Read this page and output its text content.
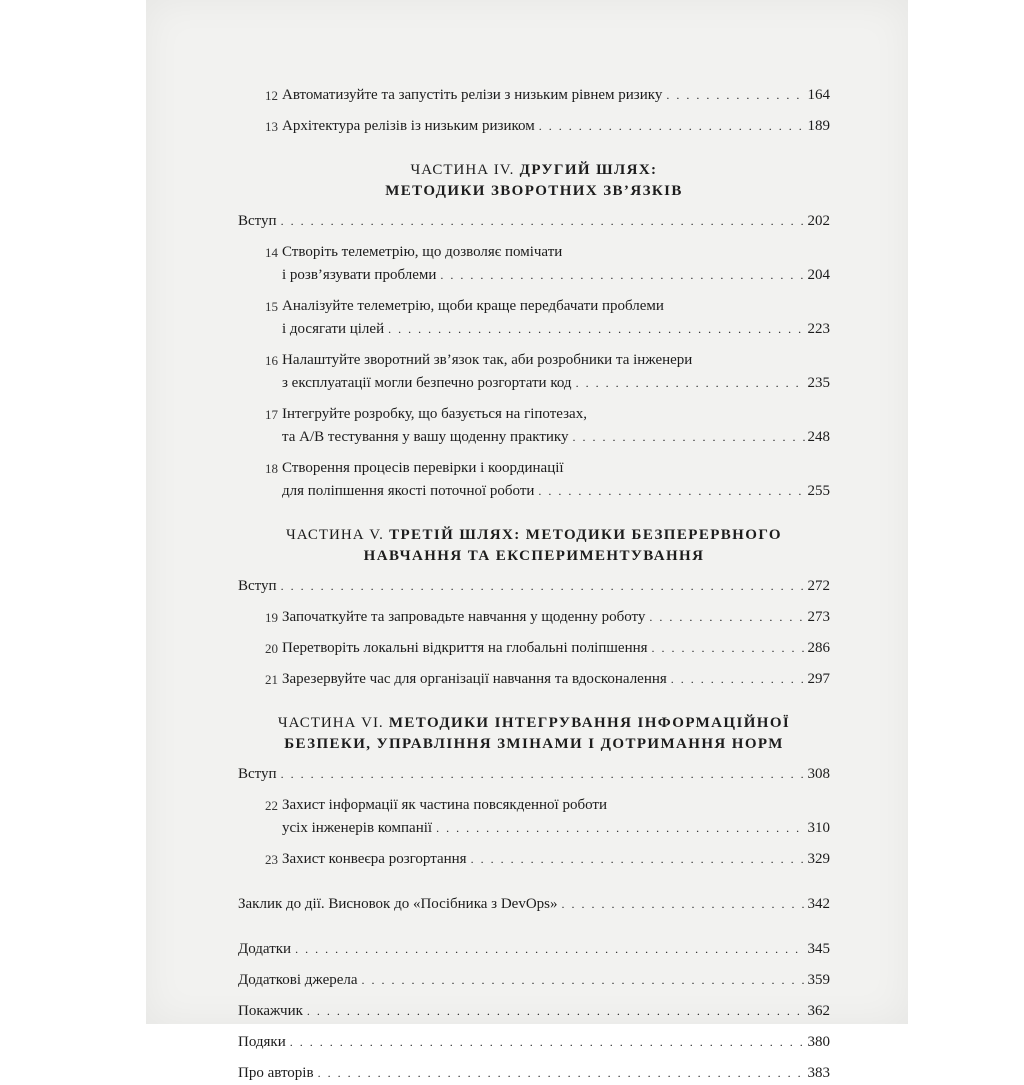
12 Автоматизуйте та запустіть релізи з низьким рівнем ризику . . .	164
13 Архітектура релізів із низьким ризиком . . .	189
ЧАСТИНА IV. ДРУГИЙ ШЛЯХ:
МЕТОДИКИ ЗВОРОТНИХ ЗВ’ЯЗКІВ
Вступ . . .	202
14 Створіть телеметрію, що дозволяє помічати
і розв’язувати проблеми . . .	204
15 Аналізуйте телеметрію, щоби краще передбачати проблеми
і досягати цілей . . .	223
16 Налаштуйте зворотний зв’язок так, аби розробники та інженери
з експлуатації могли безпечно розгортати код . . .	235
17 Інтегруйте розробку, що базується на гіпотезах,
та A/B тестування у вашу щоденну практику . . .	248
18 Створення процесів перевірки і координації
для поліпшення якості поточної роботи . . .	255
ЧАСТИНА V. ТРЕТІЙ ШЛЯХ: МЕТОДИКИ БЕЗПЕРЕРВНОГО
НАВЧАННЯ ТА ЕКСПЕРИМЕНТУВАННЯ
Вступ . . .	272
19 Започаткуйте та запровадьте навчання у щоденну роботу . . .	273
20 Перетворіть локальні відкриття на глобальні поліпшення . . .	286
21 Зарезервуйте час для організації навчання та вдосконалення . . .	297
ЧАСТИНА VI. МЕТОДИКИ ІНТЕГРУВАННЯ ІНФОРМАЦІЙНОЇ
БЕЗПЕКИ, УПРАВЛІННЯ ЗМІНАМИ І ДОТРИМАННЯ НОРМ
Вступ . . .	308
22 Захист інформації як частина повсякденної роботи
усіх інженерів компанії . . .	310
23 Захист конвеєра розгортання . . .	329
Заклик до дії. Висновок до «Посібника з DevOps» . . .	342
Додатки . . .	345
Додаткові джерела . . .	359
Покажчик . . .	362
Подяки . . .	380
Про авторів . . .	383
